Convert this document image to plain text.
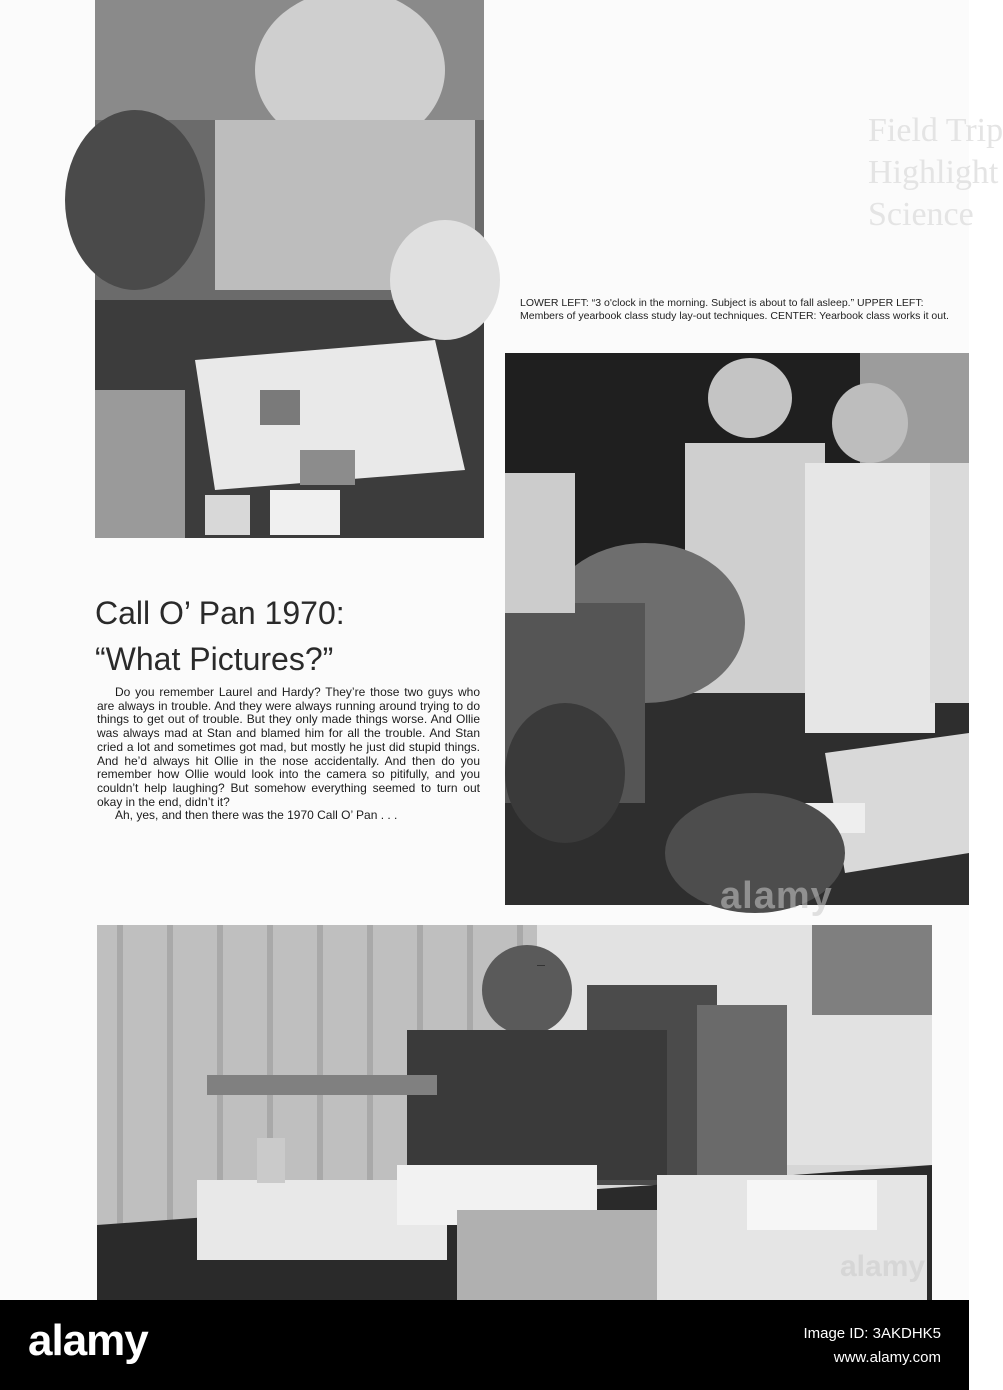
Field Trip
Highlight
Science
LOWER LEFT: “3 o'clock in the morning. Subject is about to fall asleep.” UPPER LEFT: Members of yearbook class study lay-out techniques. CENTER: Yearbook class works it out.
Call O’ Pan 1970:
“What Pictures?”

Do you remember Laurel and Hardy? They’re those two guys who are always in trouble. And they were always running around trying to do things to get out of trouble. But they only made things worse. And Ollie was always mad at Stan and blamed him for all the trouble. And Stan cried a lot and sometimes got mad, but mostly he just did stupid things. And he’d always hit Ollie in the nose accidentally. And then do you remember how Ollie would look into the camera so pitifully, and you couldn’t help laughing? But somehow everything seemed to turn out okay in the end, didn’t it?

Ah, yes, and then there was the 1970 Call O’ Pan . . .

alamy
alamy
alamy	Image ID: 3AKDHK5
www.alamy.com
